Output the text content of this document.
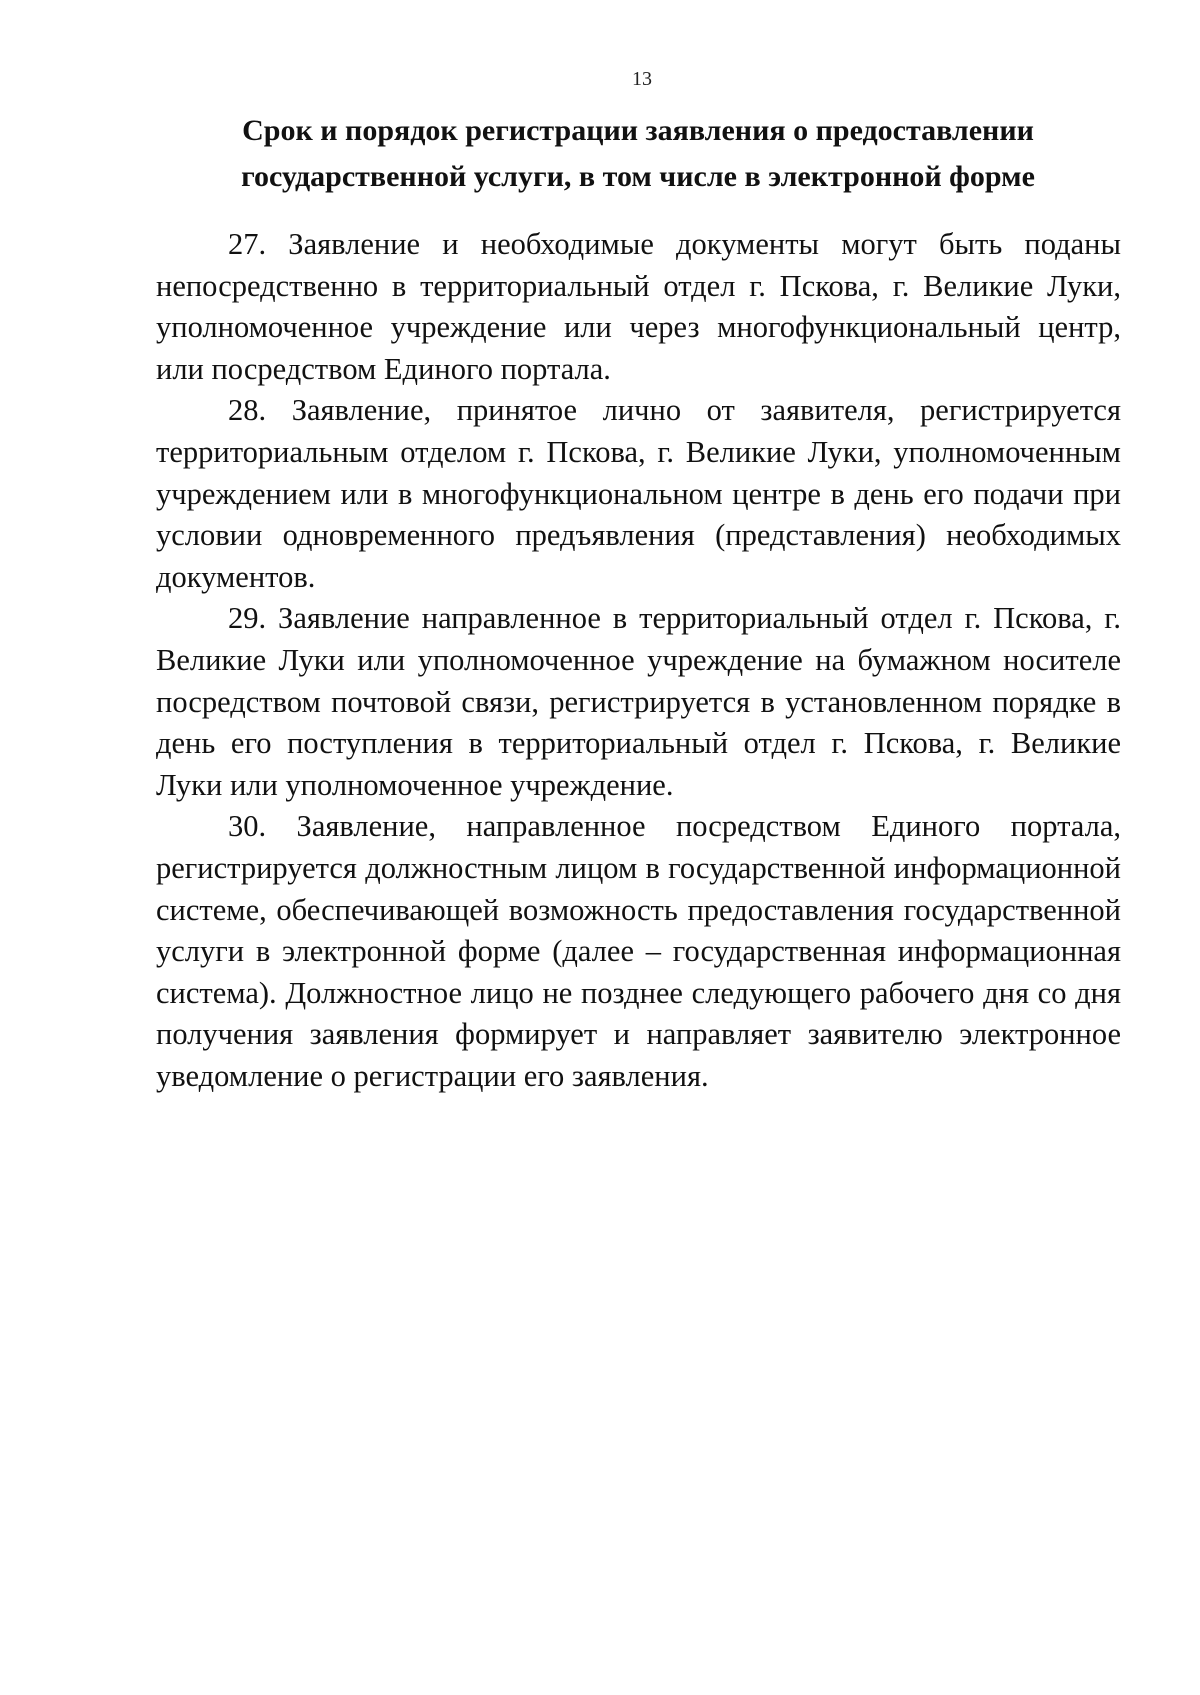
13
Срок и порядок регистрации заявления о предоставлении государственной услуги, в том числе в электронной форме

27. Заявление и необходимые документы могут быть поданы непосредственно в территориальный отдел г. Пскова, г. Великие Луки, уполномоченное учреждение или через многофункциональный центр, или посредством Единого портала.

28. Заявление, принятое лично от заявителя, регистрируется территориальным отделом г. Пскова, г. Великие Луки, уполномоченным учреждением или в многофункциональном центре в день его подачи при условии одновременного предъявления (представления) необходимых документов.

29. Заявление направленное в территориальный отдел г. Пскова, г. Великие Луки или уполномоченное учреждение на бумажном носителе посредством почтовой связи, регистрируется в установленном порядке в день его поступления в территориальный отдел г. Пскова, г. Великие Луки или уполномоченное учреждение.

30. Заявление, направленное посредством Единого портала, регистрируется должностным лицом в государственной информационной системе, обеспечивающей возможность предоставления государственной услуги в электронной форме (далее – государственная информационная система). Должностное лицо не позднее следующего рабочего дня со дня получения заявления формирует и направляет заявителю электронное уведомление о регистрации его заявления.
